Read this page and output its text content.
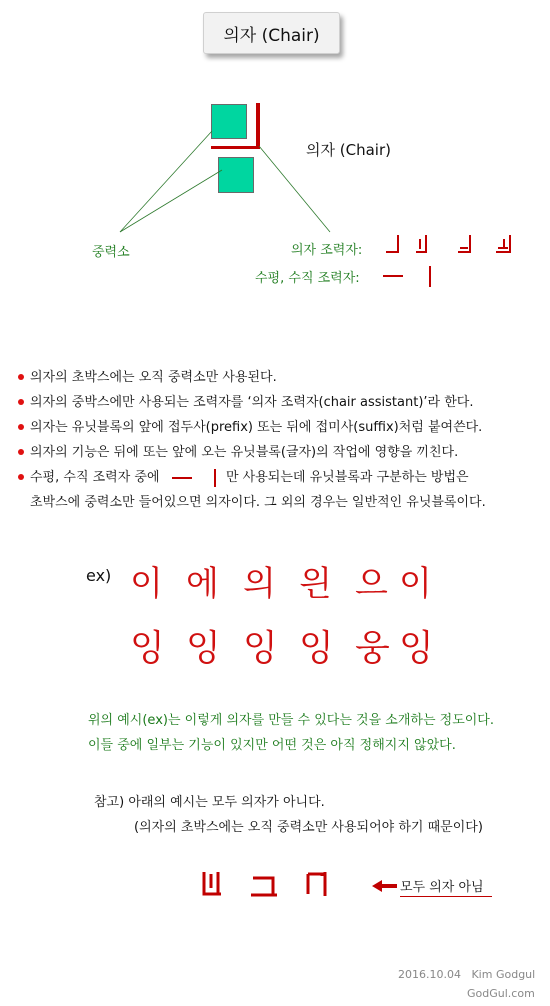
의자 (Chair)
의자 (Chair)
중력소	의자 조력자:
수평, 수직 조력자:
의자의 초박스에는 오직 중력소만 사용된다.
의자의 중박스에만 사용되는 조력자를 ‘의자 조력자(chair assistant)’라 한다.
의자는 유닛블록의 앞에 접두사(prefix) 또는 뒤에 접미사(suffix)처럼 붙여쓴다.
의자의 기능은 뒤에 또는 앞에 오는 유닛블록(글자)의 작업에 영향을 끼친다.
수평, 수직 조력자 중에	만 사용되는데 유닛블록과 구분하는 방법은
초박스에 중력소만 들어있으면 의자이다. 그 외의 경우는 일반적인 유닛블록이다.
ex) 이 에 의 읜 으 이
잉 잉 잉 잉 웅 잉
위의 예시(ex)는 이렇게 의자를 만들 수 있다는 것을 소개하는 정도이다.
이들 중에 일부는 기능이 있지만 어떤 것은 아직 정해지지 않았다.
참고) 아래의 예시는 모두 의자가 아니다.
(의자의 초박스에는 오직 중력소만 사용되어야 하기 때문이다)
모두 의자 아님
2016.10.04   Kim Godgul
GodGul.com
